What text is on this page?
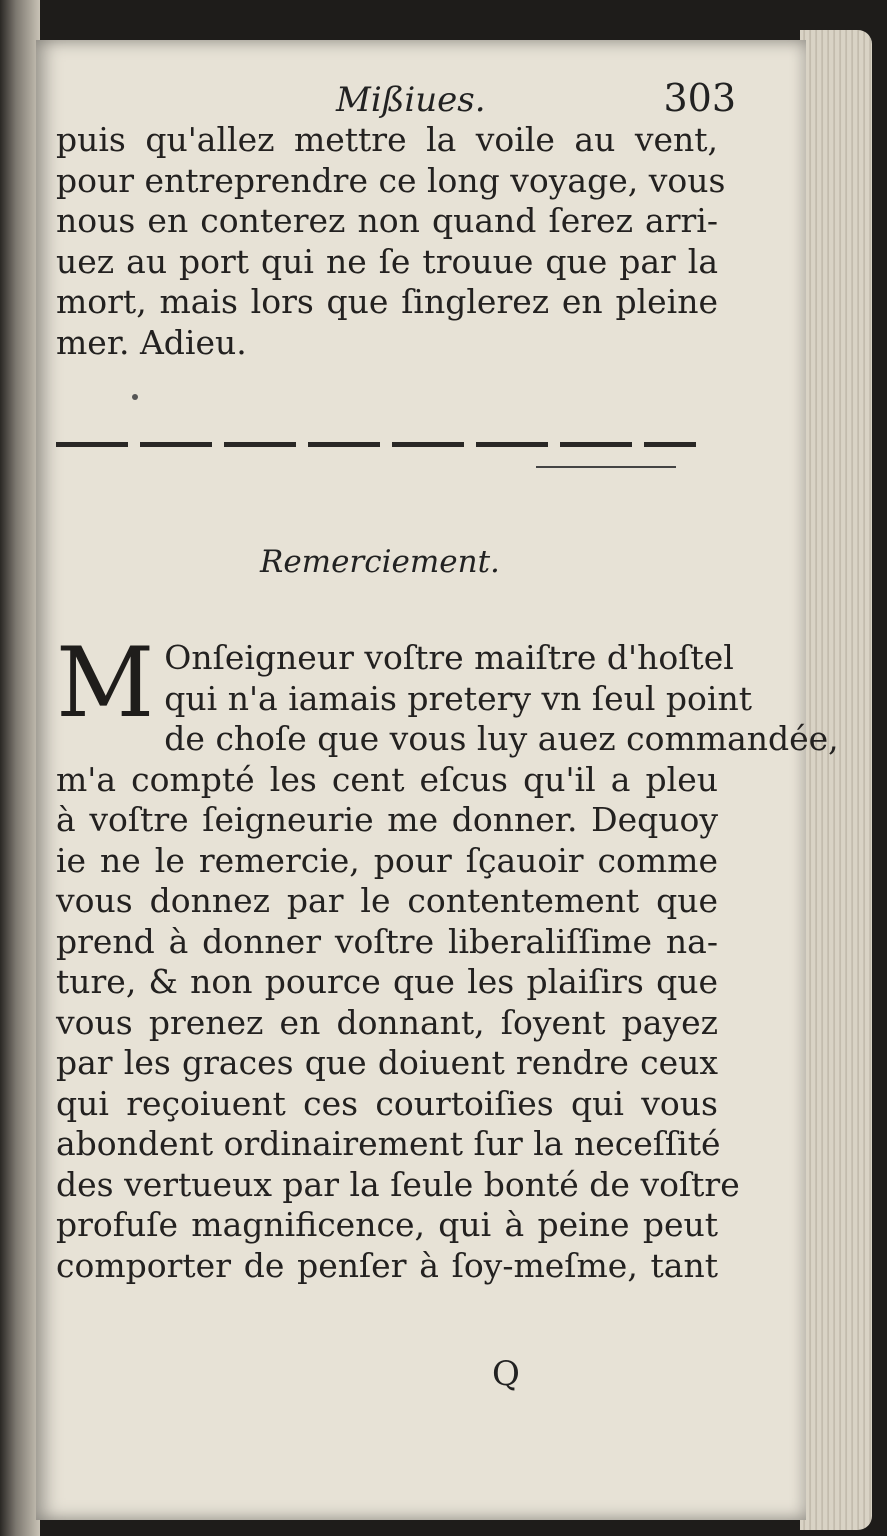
Mißiues.	303
puis qu'allez mettre la voile au vent,
pour entreprendre ce long voyage, vous
nous en conterez non quand ſerez arri-
uez au port qui ne ſe trouue que par la
mort, mais lors que ſinglerez en pleine
mer. Adieu.
Remerciement.
M Onſeigneur voſtre maiſtre d'hoſtel
qui n'a iamais pretery vn ſeul point
de choſe que vous luy auez commandée,
m'a compté les cent eſcus qu'il a pleu
à voſtre ſeigneurie me donner. Dequoy
ie ne le remercie, pour ſçauoir comme
vous donnez par le contentement que
prend à donner voſtre liberaliſſime na-
ture, & non pource que les plaiſirs que
vous prenez en donnant, ſoyent payez
par les graces que doiuent rendre ceux
qui reçoiuent ces courtoiſies qui vous
abondent ordinairement ſur la neceſſité
des vertueux par la ſeule bonté de voſtre
profuſe magnificence, qui à peine peut
comporter de penſer à ſoy-meſme, tant
Q
